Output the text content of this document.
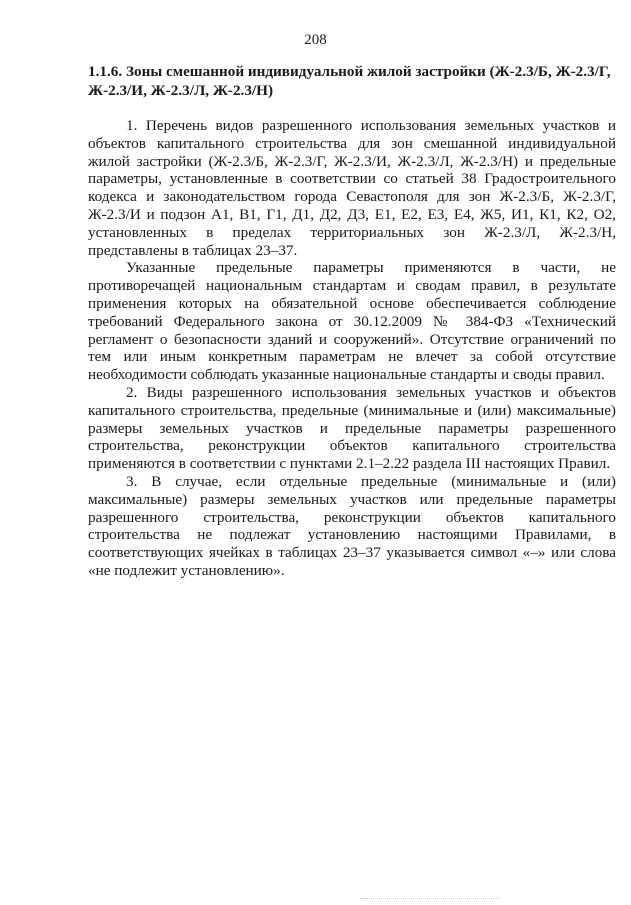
208
1.1.6. Зоны смешанной индивидуальной жилой застройки (Ж-2.3/Б, Ж-2.3/Г, Ж-2.3/И, Ж-2.3/Л, Ж-2.3/Н)

1. Перечень видов разрешенного использования земельных участков и объектов капитального строительства для зон смешанной индивидуальной жилой застройки (Ж-2.3/Б, Ж-2.3/Г, Ж-2.3/И, Ж-2.3/Л, Ж-2.3/Н) и предельные параметры, установленные в соответствии со статьей 38 Градостроительного кодекса и законодательством города Севастополя для зон Ж-2.3/Б, Ж-2.3/Г, Ж-2.3/И и подзон А1, В1, Г1, Д1, Д2, Д3, Е1, Е2, Е3, Е4, Ж5, И1, К1, К2, О2, установленных в пределах территориальных зон Ж-2.3/Л, Ж-2.3/Н, представлены в таблицах 23–37.

Указанные предельные параметры применяются в части, не противоречащей национальным стандартам и сводам правил, в результате применения которых на обязательной основе обеспечивается соблюдение требований Федерального закона от 30.12.2009 № 384-ФЗ «Технический регламент о безопасности зданий и сооружений». Отсутствие ограничений по тем или иным конкретным параметрам не влечет за собой отсутствие необходимости соблюдать указанные национальные стандарты и своды правил.

2. Виды разрешенного использования земельных участков и объектов капитального строительства, предельные (минимальные и (или) максимальные) размеры земельных участков и предельные параметры разрешенного строительства, реконструкции объектов капитального строительства применяются в соответствии с пунктами 2.1–2.22 раздела III настоящих Правил.

3. В случае, если отдельные предельные (минимальные и (или) максимальные) размеры земельных участков или предельные параметры разрешенного строительства, реконструкции объектов капитального строительства не подлежат установлению настоящими Правилами, в соответствующих ячейках в таблицах 23–37 указывается символ «–» или слова «не подлежит установлению».
